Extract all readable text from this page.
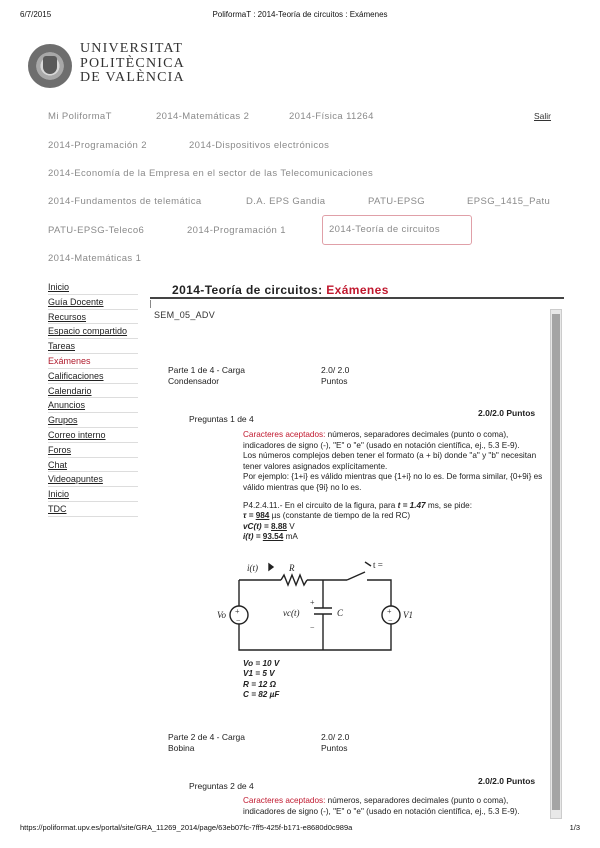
6/7/2015	PoliformaT : 2014-Teoría de circuitos : Exámenes
UNIVERSITAT
POLITÈCNICA
DE VALÈNCIA
Mi PoliformaT	2014-Matemáticas 2	2014-Física 11264
2014-Programación 2	2014-Dispositivos electrónicos
2014-Economía de la Empresa en el sector de las Telecomunicaciones
2014-Fundamentos de telemática	D.A. EPS Gandia	PATU-EPSG	EPSG_1415_Patu
PATU-EPSG-Teleco6	2014-Programación 1	2014-Teoría de circuitos
2014-Matemáticas 1
Salir
Inicio
Guía Docente
Recursos
Espacio compartido
Tareas
Exámenes
Calificaciones
Calendario
Anuncios
Grupos
Correo interno
Foros
Chat
Videoapuntes
Inicio
TDC
2014-Teoría de circuitos: Exámenes
SEM_05_ADV
Parte 1 de 4 - Carga
Condensador
2.0/ 2.0
Puntos
Preguntas 1 de 4
2.0/2.0 Puntos
Caracteres aceptados: números, separadores decimales (punto o coma), indicadores de signo (-), "E" o "e" (usado en notación científica, ej., 5.3 E-9).
Los números complejos deben tener el formato (a + bi) donde "a" y "b" necesitan tener valores asignados explícitamente.
Por ejemplo: {1+i} es válido mientras que {1+i} no lo es. De forma similar, {0+9i} es válido mientras que {9i} no lo es.
P4.2.4.11.- En el circuito de la figura, para t = 1.47 ms, se pide:
τ = 984 µs (constante de tiempo de la red RC)
vC(t) = 8.88 V
i(t) = 93.54 mA
+
−
+
−
+
−
i(t)	R	t =
Vo	vc(t)	C	V1
Vo = 10 V
V1 = 5 V
R = 12 Ω
C = 82 µF
Parte 2 de 4 - Carga
Bobina
2.0/ 2.0
Puntos
Preguntas 2 de 4	2.0/2.0 Puntos
Caracteres aceptados: números, separadores decimales (punto o coma), indicadores de signo (-), "E" o "e" (usado en notación científica, ej., 5.3 E-9).
https://poliformat.upv.es/portal/site/GRA_11269_2014/page/63eb07fc-7ff5-425f-b171-e8680d0c989a	1/3
